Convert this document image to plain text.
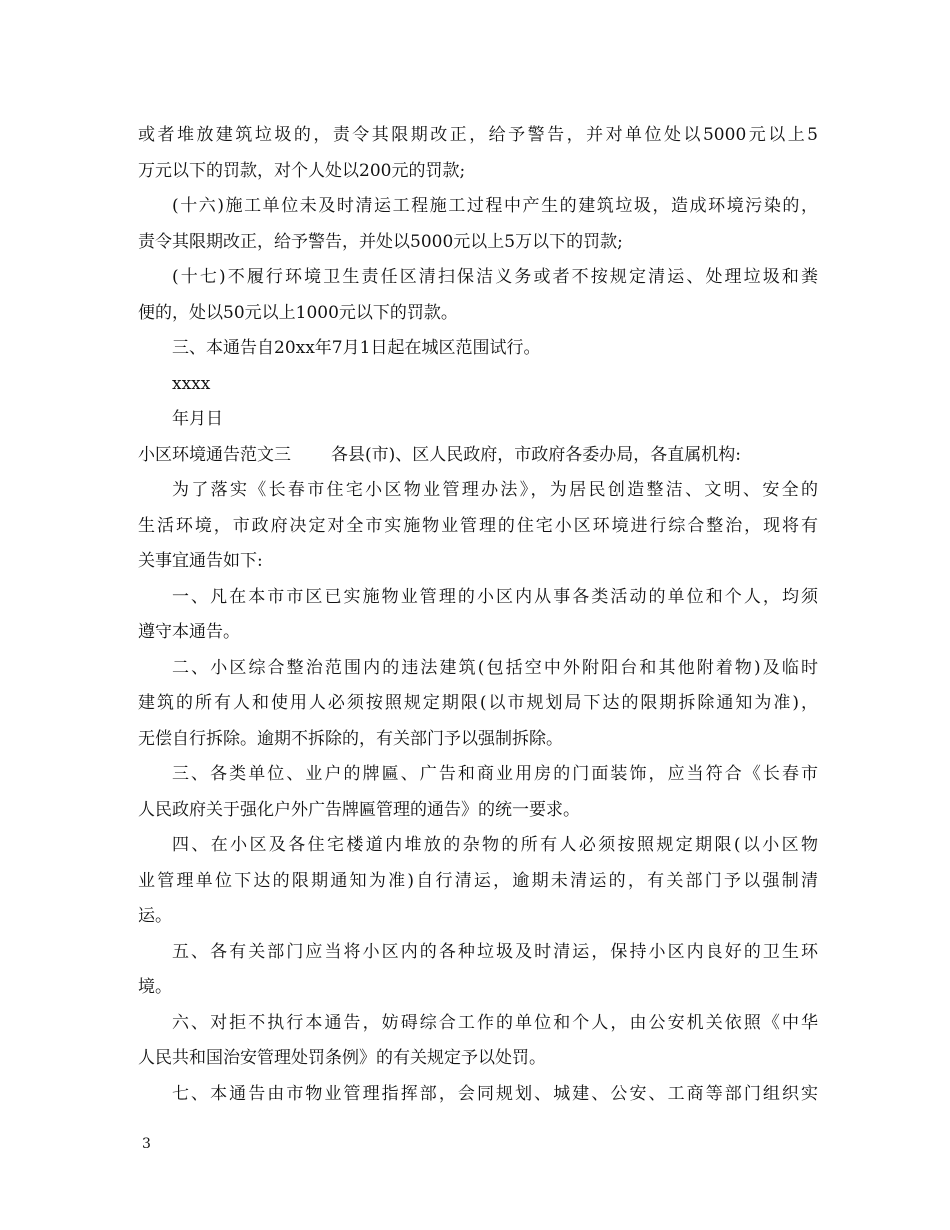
或者堆放建筑垃圾的，责令其限期改正，给予警告，并对单位处以5000元以上5
万元以下的罚款，对个人处以200元的罚款;
(十六)施工单位未及时清运工程施工过程中产生的建筑垃圾，造成环境污染的，
责令其限期改正，给予警告，并处以5000元以上5万以下的罚款;
(十七)不履行环境卫生责任区清扫保洁义务或者不按规定清运、处理垃圾和粪
便的，处以50元以上1000元以下的罚款。
三、本通告自20xx年7月1日起在城区范围试行。
xxxx
年月日
小区环境通告范文三 各县(市)、区人民政府，市政府各委办局，各直属机构:
为了落实《长春市住宅小区物业管理办法》，为居民创造整洁、文明、安全的
生活环境，市政府决定对全市实施物业管理的住宅小区环境进行综合整治，现将有
关事宜通告如下:
一、凡在本市市区已实施物业管理的小区内从事各类活动的单位和个人，均须
遵守本通告。
二、小区综合整治范围内的违法建筑(包括空中外附阳台和其他附着物)及临时
建筑的所有人和使用人必须按照规定期限(以市规划局下达的限期拆除通知为准)，
无偿自行拆除。逾期不拆除的，有关部门予以强制拆除。
三、各类单位、业户的牌匾、广告和商业用房的门面装饰，应当符合《长春市
人民政府关于强化户外广告牌匾管理的通告》的统一要求。
四、在小区及各住宅楼道内堆放的杂物的所有人必须按照规定期限(以小区物
业管理单位下达的限期通知为准)自行清运，逾期未清运的，有关部门予以强制清
运。
五、各有关部门应当将小区内的各种垃圾及时清运，保持小区内良好的卫生环
境。
六、对拒不执行本通告，妨碍综合工作的单位和个人，由公安机关依照《中华
人民共和国治安管理处罚条例》的有关规定予以处罚。
七、本通告由市物业管理指挥部，会同规划、城建、公安、工商等部门组织实
3
